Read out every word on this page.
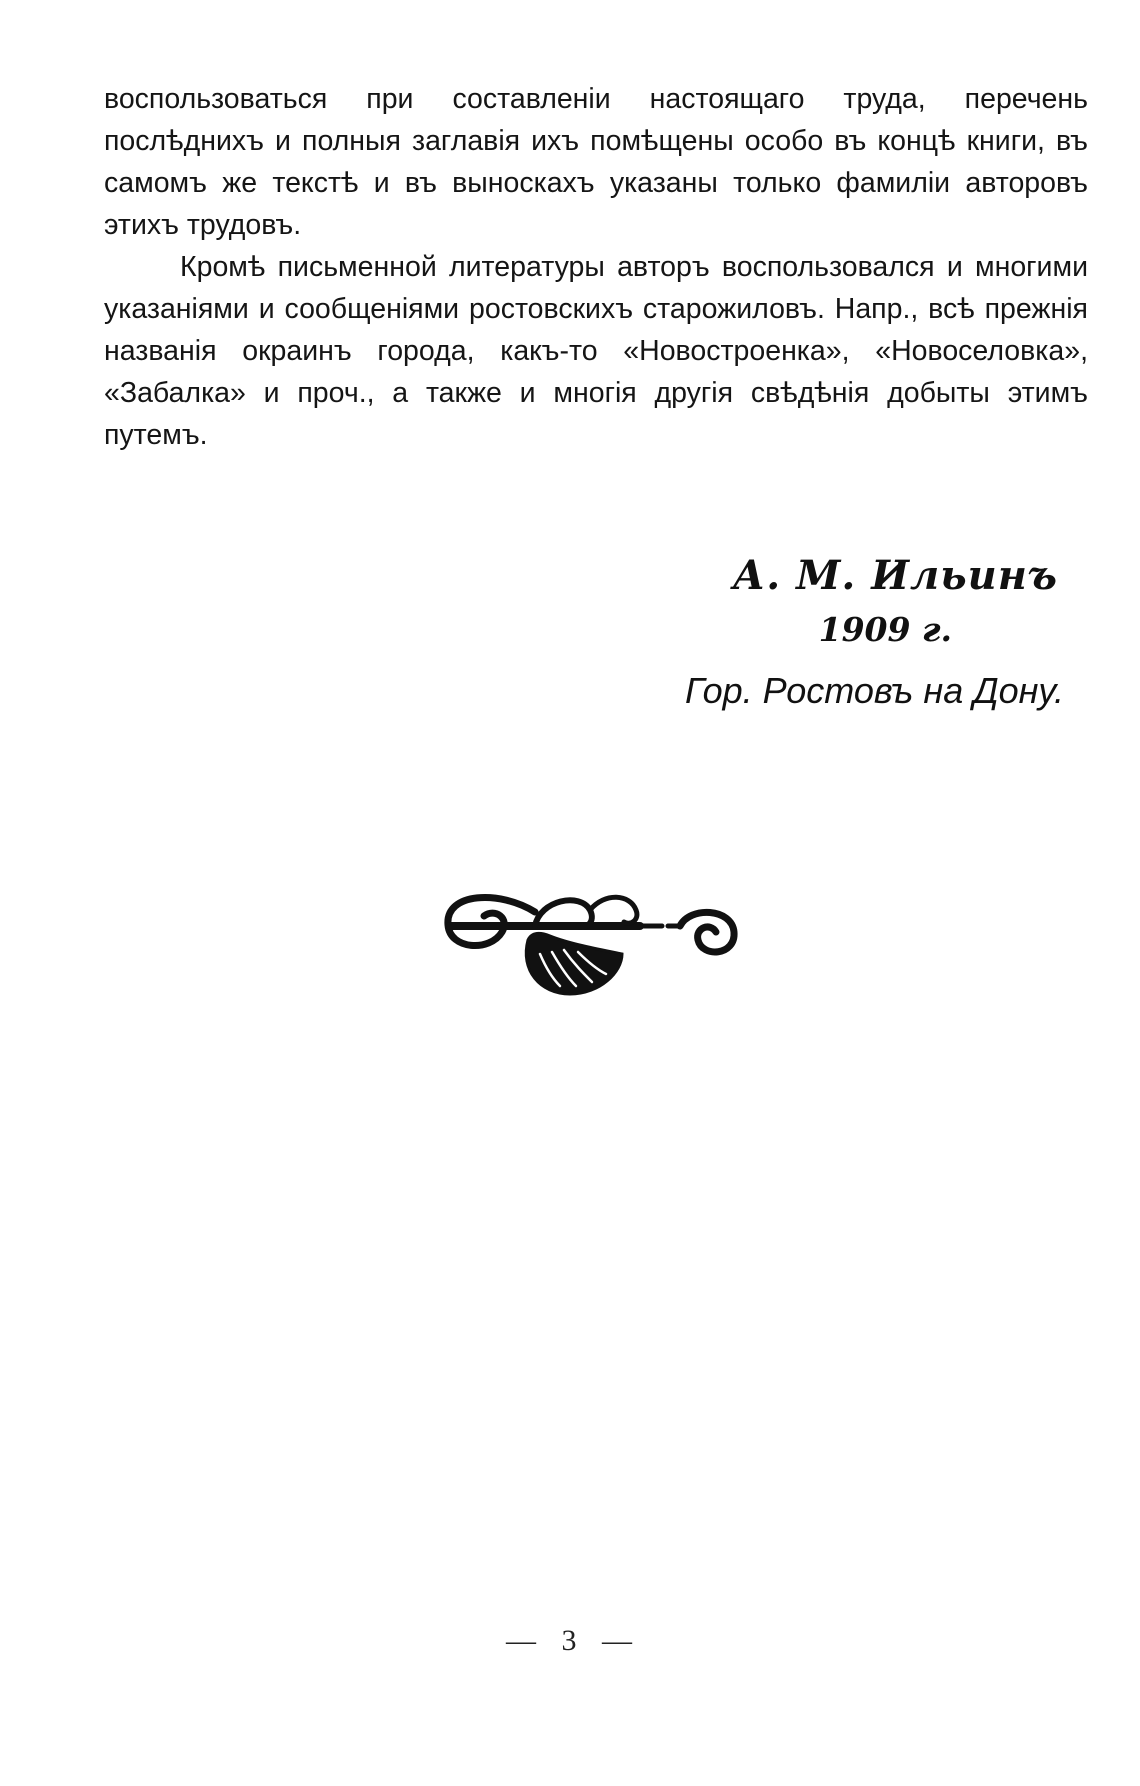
воспользоваться при составленіи настоящаго труда, перечень послѣднихъ и полныя заглавія ихъ помѣщены особо въ концѣ книги, въ самомъ же текстѣ и въ выноскахъ указаны только фамиліи авторовъ этихъ трудовъ.

Кромѣ письменной литературы авторъ воспользовался и многими указаніями и сообщеніями ростовскихъ старожиловъ. Напр., всѣ прежнія названія окраинъ города, какъ-то «Новостроенка», «Новоселовка», «Забалка» и проч., а также и многія другія свѣдѣнія добыты этимъ путемъ.

А. М. Ильинъ
1909 г.
Гор. Ростовъ на Дону.
— 3 —
